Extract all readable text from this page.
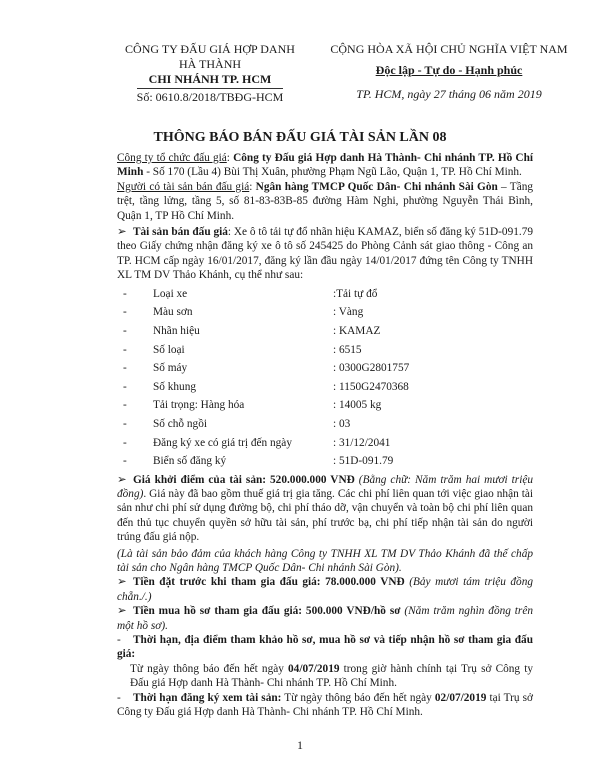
CÔNG TY ĐẤU GIÁ HỢP DANH
HÀ THÀNH
CHI NHÁNH TP. HCM
Số: 0610.8/2018/TBĐG-HCM
CỘNG HÒA XÃ HỘI CHỦ NGHĨA VIỆT NAM
Độc lập - Tự do - Hạnh phúc
TP. HCM, ngày 27 tháng 06 năm 2019
THÔNG BÁO BÁN ĐẤU GIÁ TÀI SẢN LẦN 08

Công ty tổ chức đấu giá: Công ty Đấu giá Hợp danh Hà Thành- Chi nhánh TP. Hồ Chí Minh - Số 170 (Lầu 4) Bùi Thị Xuân, phường Phạm Ngũ Lão, Quận 1, TP. Hồ Chí Minh.

Người có tài sản bán đấu giá: Ngân hàng TMCP Quốc Dân- Chi nhánh Sài Gòn – Tầng trệt, tầng lửng, tầng 5, số 81-83-83B-85 đường Hàm Nghi, phường Nguyễn Thái Bình, Quận 1, TP Hồ Chí Minh.

➢ Tài sản bán đấu giá: Xe ô tô tải tự đổ nhãn hiệu KAMAZ, biển số đăng ký 51D-091.79 theo Giấy chứng nhận đăng ký xe ô tô số 245425 do Phòng Cảnh sát giao thông - Công an TP. HCM cấp ngày 16/01/2017, đăng ký lần đầu ngày 14/01/2017 đứng tên Công ty TNHH XL TM DV Thảo Khánh, cụ thể như sau:

-	Loại xe	:Tải tự đổ
-	Màu sơn	: Vàng
-	Nhãn hiệu	: KAMAZ
-	Số loại	: 6515
-	Số máy	: 0300G2801757
-	Số khung	: 1150G2470368
-	Tải trọng: Hàng hóa	: 14005 kg
-	Số chỗ ngồi	: 03
-	Đăng ký xe có giá trị đến ngày	: 31/12/2041
-	Biển số đăng ký	: 51D-091.79

➢ Giá khởi điểm của tài sản: 520.000.000 VNĐ (Bằng chữ: Năm trăm hai mươi triệu đồng). Giá này đã bao gồm thuế giá trị gia tăng. Các chi phí liên quan tới việc giao nhận tài sản như chi phí sử dụng đường bộ, chi phí tháo dỡ, vận chuyển và toàn bộ chi phí liên quan đến thủ tục chuyển quyền sở hữu tài sản, phí trước bạ, chi phí tiếp nhận tài sản do người trúng đấu giá nộp.

(Là tài sản bảo đảm của khách hàng Công ty TNHH XL TM DV Thảo Khánh đã thế chấp tài sản cho Ngân hàng TMCP Quốc Dân- Chi nhánh Sài Gòn).

➢ Tiền đặt trước khi tham gia đấu giá: 78.000.000 VNĐ (Bảy mươi tám triệu đồng chẵn./.)

➢ Tiền mua hồ sơ tham gia đấu giá: 500.000 VNĐ/hồ sơ (Năm trăm nghìn đồng trên một hồ sơ).

- Thời hạn, địa điểm tham khảo hồ sơ, mua hồ sơ và tiếp nhận hồ sơ tham gia đấu giá:

Từ ngày thông báo đến hết ngày 04/07/2019 trong giờ hành chính tại Trụ sở Công ty Đấu giá Hợp danh Hà Thành- Chi nhánh TP. Hồ Chí Minh.

- Thời hạn đăng ký xem tài sản: Từ ngày thông báo đến hết ngày 02/07/2019 tại Trụ sở Công ty Đấu giá Hợp danh Hà Thành- Chi nhánh TP. Hồ Chí Minh.

1
